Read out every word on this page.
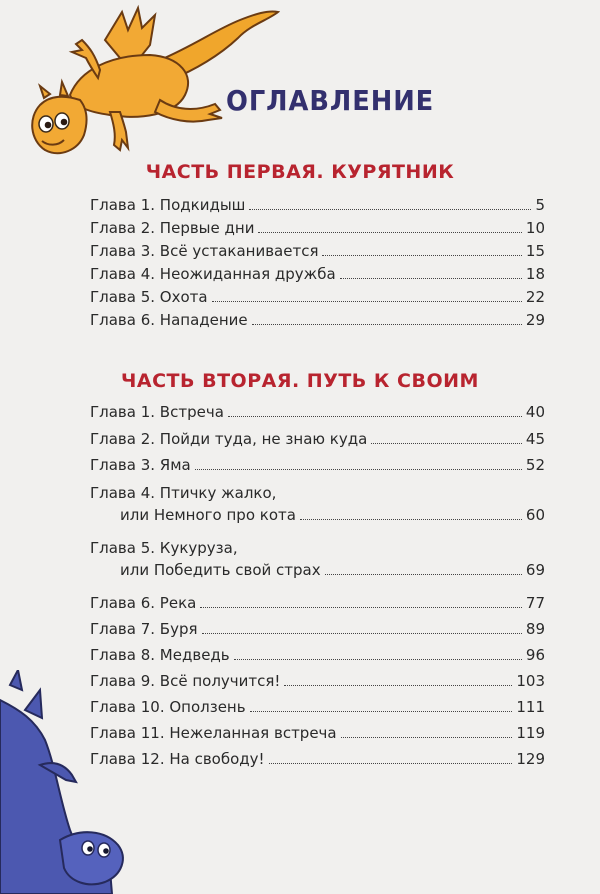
ОГЛАВЛЕНИЕ
ЧАСТЬ ПЕРВАЯ. КУРЯТНИК
Глава 1. Подкидыш	5
Глава 2. Первые дни	10
Глава 3. Всё устаканивается	15
Глава 4. Неожиданная дружба	18
Глава 5. Охота	22
Глава 6. Нападение	29
ЧАСТЬ ВТОРАЯ. ПУТЬ К СВОИМ
Глава 1. Встреча	40
Глава 2. Пойди туда, не знаю куда	45
Глава 3. Яма	52
Глава 4. Птичку жалко,
или Немного про кота	60
Глава 5. Кукуруза,
или Победить свой страх	69
Глава 6. Река	77
Глава 7. Буря	89
Глава 8. Медведь	96
Глава 9. Всё получится!	103
Глава 10. Оползень	111
Глава 11. Нежеланная встреча	119
Глава 12. На свободу!	129
